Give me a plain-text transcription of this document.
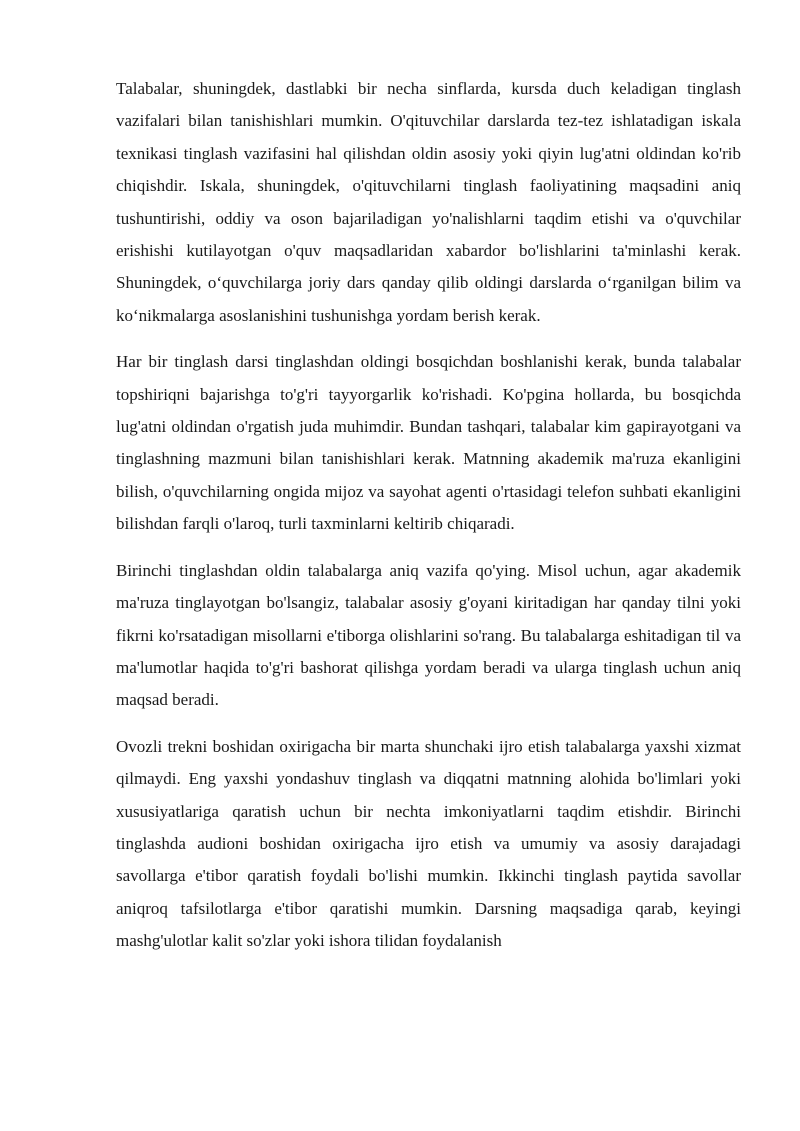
Talabalar, shuningdek, dastlabki bir necha sinflarda, kursda duch keladigan tinglash vazifalari bilan tanishishlari mumkin. O'qituvchilar darslarda tez-tez ishlatadigan iskala texnikasi tinglash vazifasini hal qilishdan oldin asosiy yoki qiyin lug'atni oldindan ko'rib chiqishdir. Iskala, shuningdek, o'qituvchilarni tinglash faoliyatining maqsadini aniq tushuntirishi, oddiy va oson bajariladigan yo'nalishlarni taqdim etishi va o'quvchilar erishishi kutilayotgan o'quv maqsadlaridan xabardor bo'lishlarini ta'minlashi kerak. Shuningdek, o‘quvchilarga joriy dars qanday qilib oldingi darslarda o‘rganilgan bilim va ko‘nikmalarga asoslanishini tushunishga yordam berish kerak.

Har bir tinglash darsi tinglashdan oldingi bosqichdan boshlanishi kerak, bunda talabalar topshiriqni bajarishga to'g'ri tayyorgarlik ko'rishadi. Ko'pgina hollarda, bu bosqichda lug'atni oldindan o'rgatish juda muhimdir. Bundan tashqari, talabalar kim gapirayotgani va tinglashning mazmuni bilan tanishishlari kerak. Matnning akademik ma'ruza ekanligini bilish, o'quvchilarning ongida mijoz va sayohat agenti o'rtasidagi telefon suhbati ekanligini bilishdan farqli o'laroq, turli taxminlarni keltirib chiqaradi.

Birinchi tinglashdan oldin talabalarga aniq vazifa qo'ying. Misol uchun, agar akademik ma'ruza tinglayotgan bo'lsangiz, talabalar asosiy g'oyani kiritadigan har qanday tilni yoki fikrni ko'rsatadigan misollarni e'tiborga olishlarini so'rang. Bu talabalarga eshitadigan til va ma'lumotlar haqida to'g'ri bashorat qilishga yordam beradi va ularga tinglash uchun aniq maqsad beradi.

Ovozli trekni boshidan oxirigacha bir marta shunchaki ijro etish talabalarga yaxshi xizmat qilmaydi. Eng yaxshi yondashuv tinglash va diqqatni matnning alohida bo'limlari yoki xususiyatlariga qaratish uchun bir nechta imkoniyatlarni taqdim etishdir. Birinchi tinglashda audioni boshidan oxirigacha ijro etish va umumiy va asosiy darajadagi savollarga e'tibor qaratish foydali bo'lishi mumkin. Ikkinchi tinglash paytida savollar aniqroq tafsilotlarga e'tibor qaratishi mumkin. Darsning maqsadiga qarab, keyingi mashg'ulotlar kalit so'zlar yoki ishora tilidan foydalanish
